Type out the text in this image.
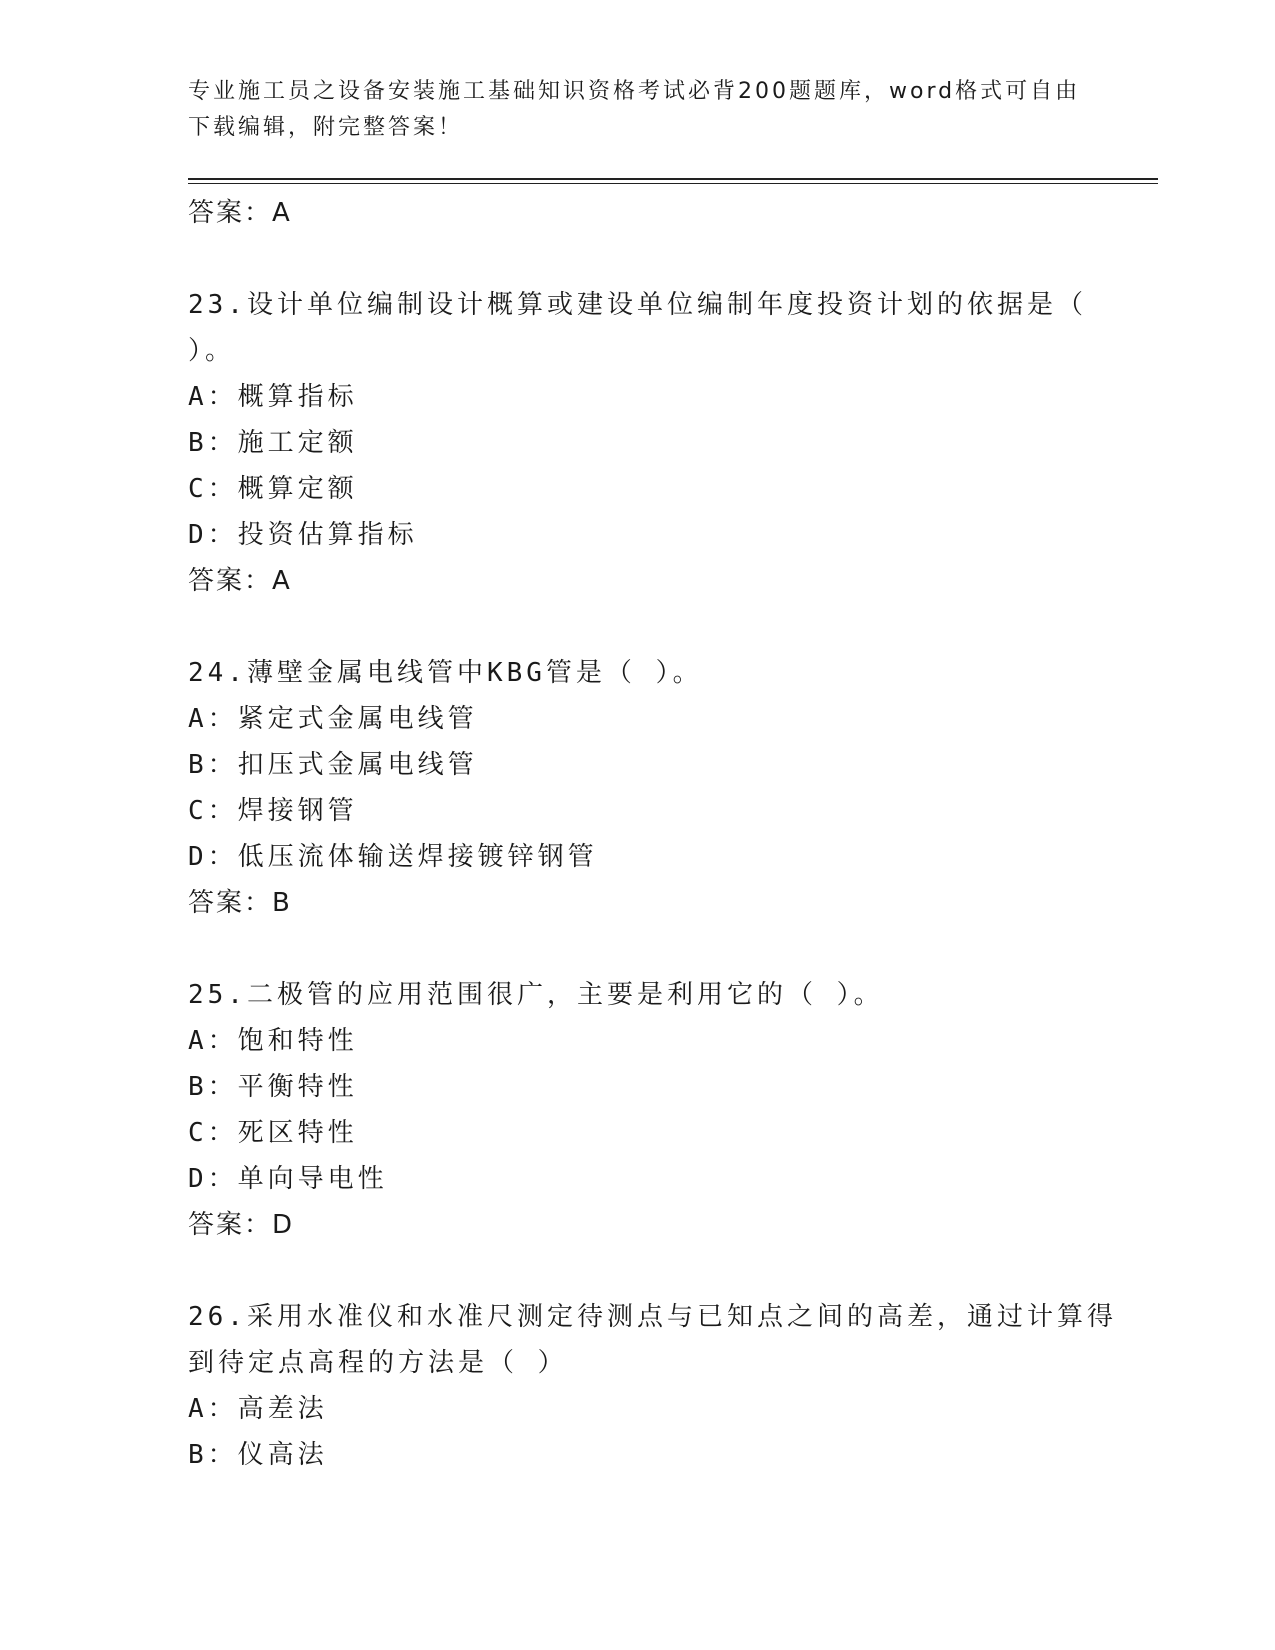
专业施工员之设备安装施工基础知识资格考试必背200题题库，word格式可自由
下载编辑，附完整答案！
答案：A
23.设计单位编制设计概算或建设单位编制年度投资计划的依据是（
）。
A：概算指标
B：施工定额
C：概算定额
D：投资估算指标
答案：A
24.薄壁金属电线管中KBG管是（ ）。
A：紧定式金属电线管
B：扣压式金属电线管
C：焊接钢管
D：低压流体输送焊接镀锌钢管
答案：B
25.二极管的应用范围很广，主要是利用它的（ ）。
A：饱和特性
B：平衡特性
C：死区特性
D：单向导电性
答案：D
26.采用水准仪和水准尺测定待测点与已知点之间的高差，通过计算得
到待定点高程的方法是（ ）
A：高差法
B：仪高法
